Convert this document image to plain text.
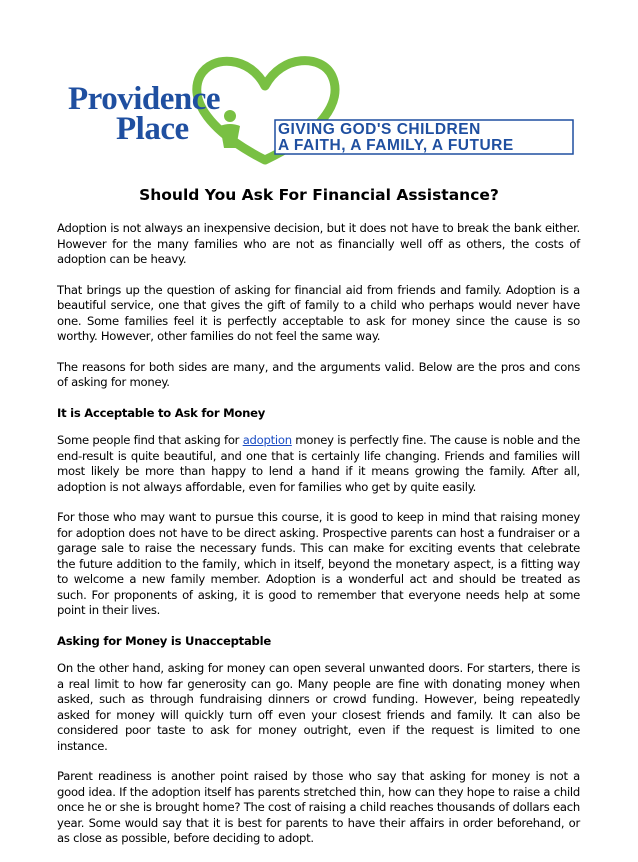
Providence
Place	GIVING GOD'S CHILDREN
A FAITH, A FAMILY, A FUTURE
Should You Ask For Financial Assistance?

Adoption is not always an inexpensive decision, but it does not have to break the bank either. However for the many families who are not as financially well off as others, the costs of adoption can be heavy.

That brings up the question of asking for financial aid from friends and family. Adoption is a beautiful service, one that gives the gift of family to a child who perhaps would never have one. Some families feel it is perfectly acceptable to ask for money since the cause is so worthy. However, other families do not feel the same way.

The reasons for both sides are many, and the arguments valid. Below are the pros and cons of asking for money.

It is Acceptable to Ask for Money

Some people find that asking for adoption money is perfectly fine. The cause is noble and the end-result is quite beautiful, and one that is certainly life changing. Friends and families will most likely be more than happy to lend a hand if it means growing the family. After all, adoption is not always affordable, even for families who get by quite easily.

For those who may want to pursue this course, it is good to keep in mind that raising money for adoption does not have to be direct asking. Prospective parents can host a fundraiser or a garage sale to raise the necessary funds. This can make for exciting events that celebrate the future addition to the family, which in itself, beyond the monetary aspect, is a fitting way to welcome a new family member. Adoption is a wonderful act and should be treated as such. For proponents of asking, it is good to remember that everyone needs help at some point in their lives.

Asking for Money is Unacceptable

On the other hand, asking for money can open several unwanted doors. For starters, there is a real limit to how far generosity can go. Many people are fine with donating money when asked, such as through fundraising dinners or crowd funding. However, being repeatedly asked for money will quickly turn off even your closest friends and family. It can also be considered poor taste to ask for money outright, even if the request is limited to one instance.

Parent readiness is another point raised by those who say that asking for money is not a good idea. If the adoption itself has parents stretched thin, how can they hope to raise a child once he or she is brought home? The cost of raising a child reaches thousands of dollars each year. Some would say that it is best for parents to have their affairs in order beforehand, or as close as possible, before deciding to adopt.
